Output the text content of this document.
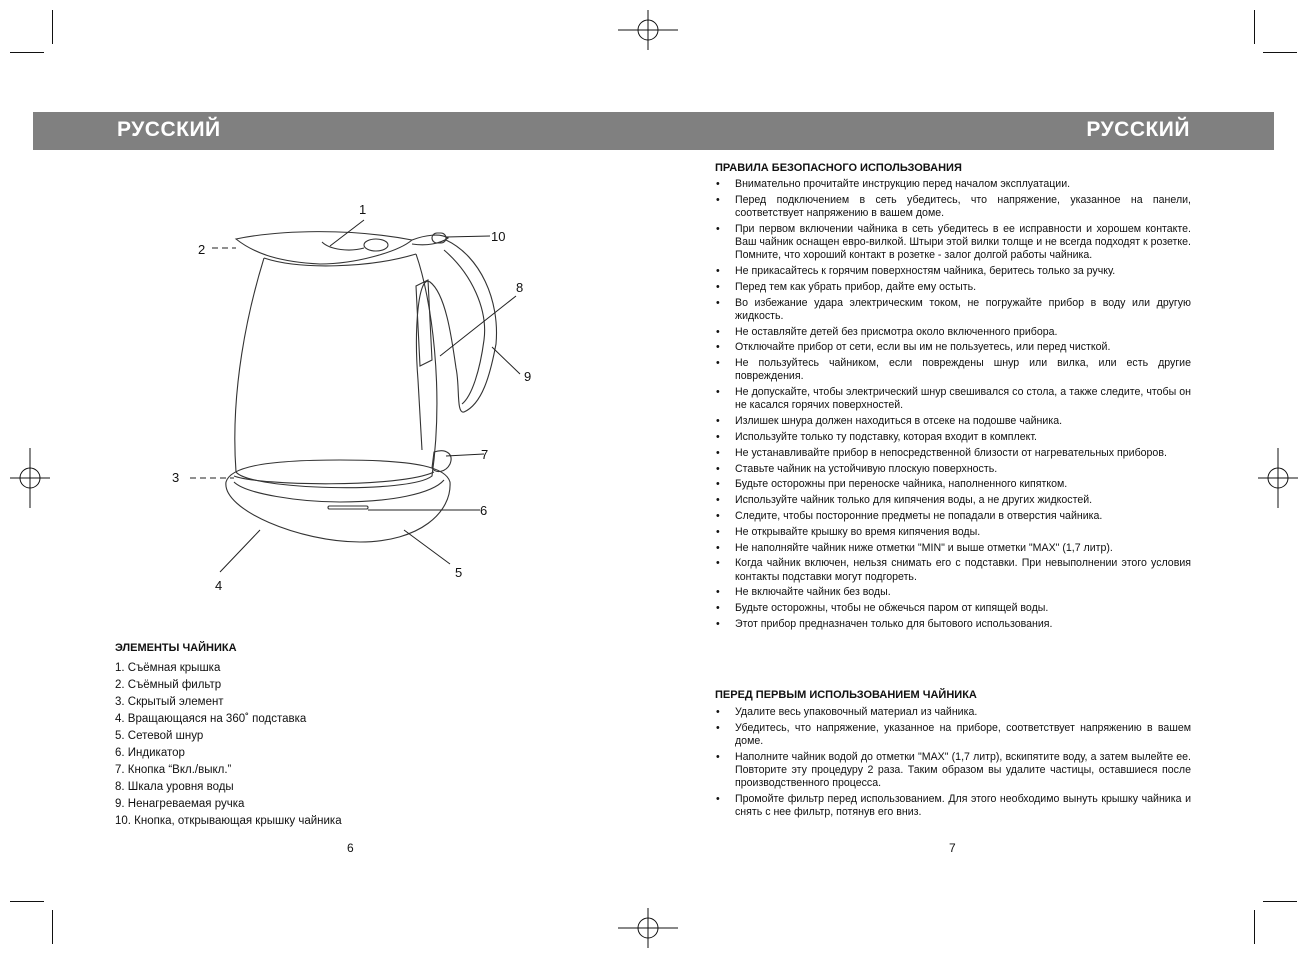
РУССКИЙ	РУССКИЙ
1
2
3
4
5
6
7
8
9
10
ЭЛЕМЕНТЫ ЧАЙНИКА
1. Съёмная крышка
2. Съёмный фильтр
3. Скрытый элемент
4. Вращающаяся на 360˚ подставка
5. Сетевой шнур
6. Индикатор
7. Кнопка “Вкл./выкл.”
8. Шкала уровня воды
9. Ненагреваемая ручка
10. Кнопка, открывающая крышку чайника
ПРАВИЛА БЕЗОПАСНОГО ИСПОЛЬЗОВАНИЯ
• Внимательно прочитайте инструкцию перед началом эксплуатации.
• Перед подключением в сеть убедитесь, что напряжение, указанное на панели, соответствует напряжению в вашем доме.
• При первом включении чайника в сеть убедитесь в ее исправности и хорошем контакте. Ваш чайник оснащен евро-вилкой. Штыри этой вилки толще и не всегда подходят к розетке. Помните, что хороший контакт в розетке - залог долгой работы чайника.
• Не прикасайтесь к горячим поверхностям чайника, беритесь только за ручку.
• Перед тем как убрать прибор, дайте ему остыть.
• Во избежание удара электрическим током, не погружайте прибор в воду или другую жидкость.
• Не оставляйте детей без присмотра около включенного прибора.
• Отключайте прибор от сети, если вы им не пользуетесь, или перед чисткой.
• Не пользуйтесь чайником, если повреждены шнур или вилка, или есть другие повреждения.
• Не допускайте, чтобы электрический шнур свешивался со стола, а также следите, чтобы он не касался горячих поверхностей.
• Излишек шнура должен находиться в отсеке на подошве чайника.
• Используйте только ту подставку, которая входит в комплект.
• Не устанавливайте прибор в непосредственной близости от нагревательных приборов.
• Ставьте чайник на устойчивую плоскую поверхность.
• Будьте осторожны при переноске чайника, наполненного кипятком.
• Используйте чайник только для кипячения воды, а не других жидкостей.
• Следите, чтобы посторонние предметы не попадали в отверстия чайника.
• Не открывайте крышку во время кипячения воды.
• Не наполняйте чайник ниже отметки "MIN" и выше отметки "MAX" (1,7 литр).
• Когда чайник включен, нельзя снимать его с подставки. При невыполнении этого условия контакты подставки могут подгореть.
• Не включайте чайник без воды.
• Будьте осторожны, чтобы не обжечься паром от кипящей воды.
• Этот прибор предназначен только для бытового использования.
ПЕРЕД ПЕРВЫМ ИСПОЛЬЗОВАНИЕМ ЧАЙНИКА
• Удалите весь упаковочный материал из чайника.
• Убедитесь, что напряжение, указанное на приборе, соответствует напряжению в вашем доме.
• Наполните чайник водой до отметки "MAX" (1,7 литр), вскипятите воду, а затем вылейте ее. Повторите эту процедуру 2 раза. Таким образом вы удалите частицы, оставшиеся после производственного процесса.
• Промойте фильтр перед использованием. Для этого необходимо вынуть крышку чайника и снять с нее фильтр, потянув его вниз.
6	7
